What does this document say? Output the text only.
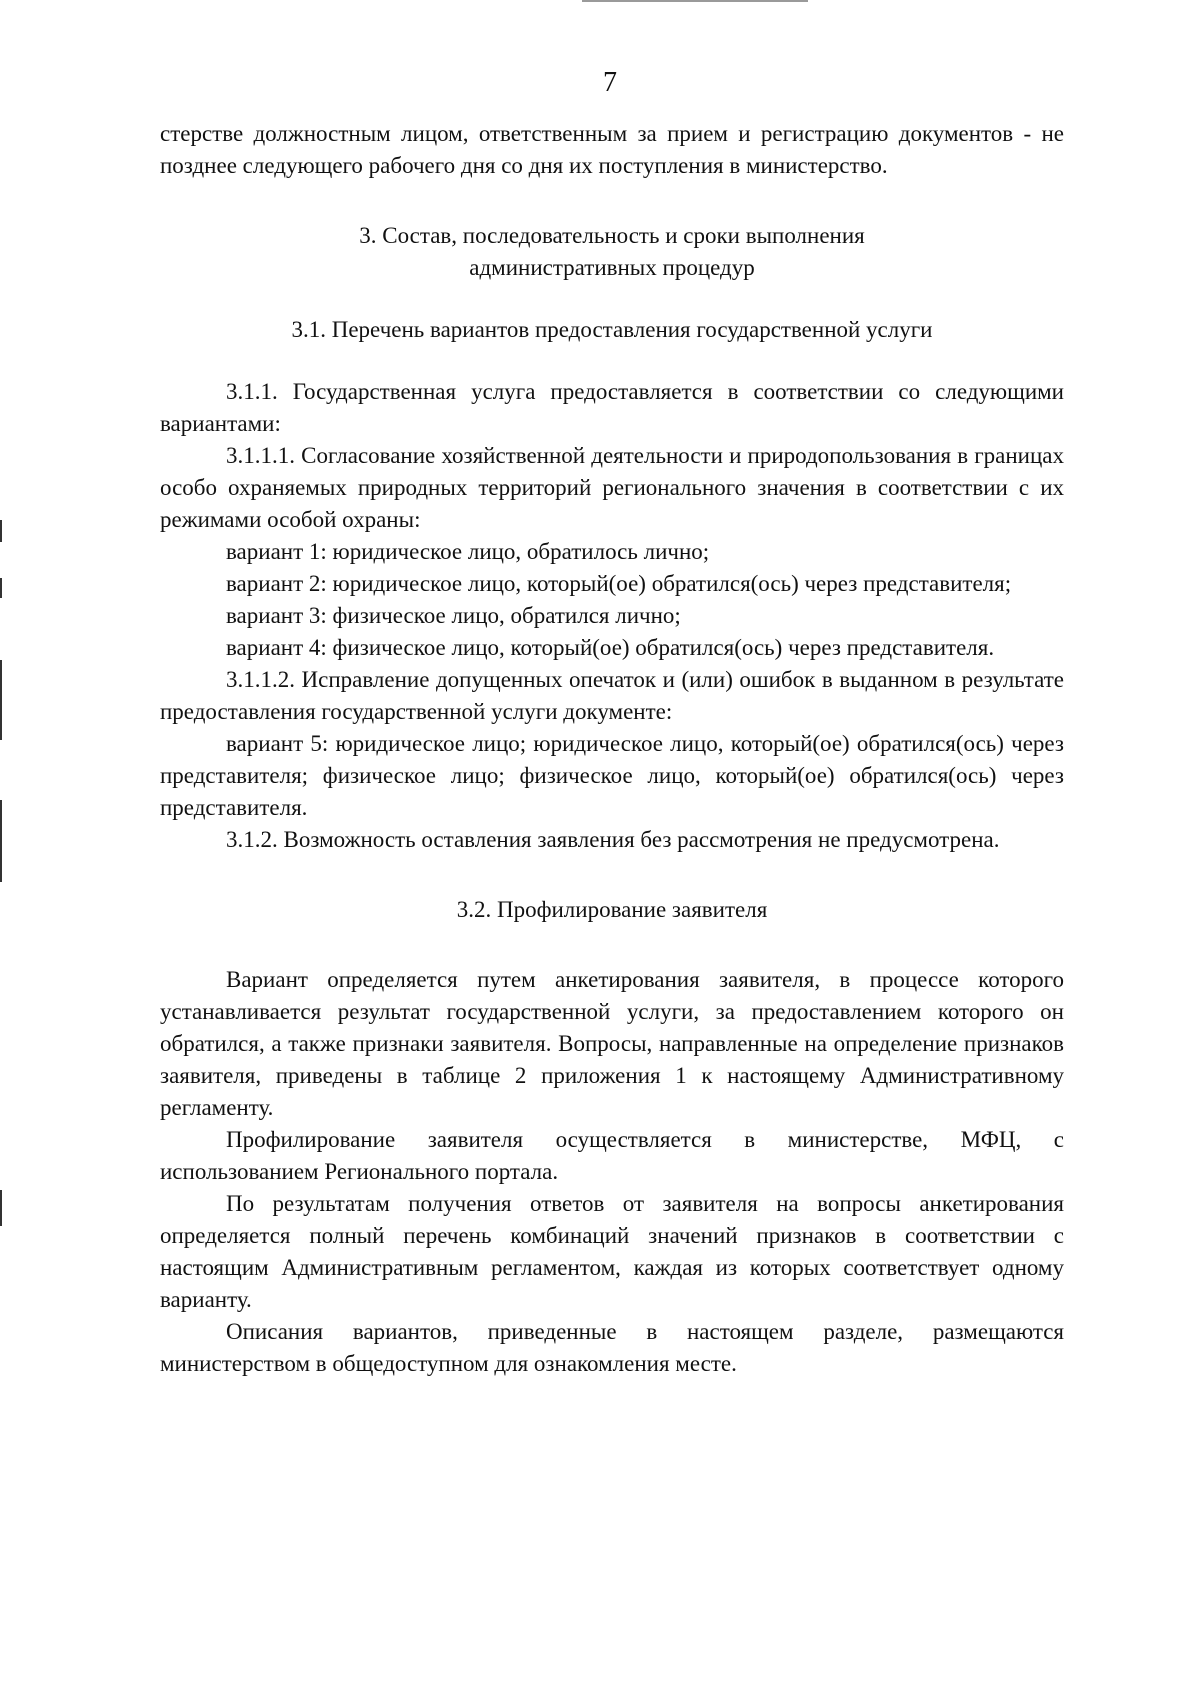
7

стерстве должностным лицом, ответственным за прием и регистрацию документов - не позднее следующего рабочего дня со дня их поступления в министерство.

3. Состав, последовательность и сроки выполнения
административных процедур

3.1. Перечень вариантов предоставления государственной услуги

3.1.1. Государственная услуга предоставляется в соответствии со следующими вариантами:

3.1.1.1. Согласование хозяйственной деятельности и природопользования в границах особо охраняемых природных территорий регионального значения в соответствии с их режимами особой охраны:

вариант 1: юридическое лицо, обратилось лично;

вариант 2: юридическое лицо, который(ое) обратился(ось) через представителя;

вариант 3: физическое лицо, обратился лично;

вариант 4: физическое лицо, который(ое) обратился(ось) через представителя.

3.1.1.2. Исправление допущенных опечаток и (или) ошибок в выданном в результате предоставления государственной услуги документе:

вариант 5: юридическое лицо; юридическое лицо, который(ое) обратился(ось) через представителя; физическое лицо; физическое лицо, который(ое) обратился(ось) через представителя.

3.1.2. Возможность оставления заявления без рассмотрения не предусмотрена.

3.2. Профилирование заявителя

Вариант определяется путем анкетирования заявителя, в процессе которого устанавливается результат государственной услуги, за предоставлением которого он обратился, а также признаки заявителя. Вопросы, направленные на определение признаков заявителя, приведены в таблице 2 приложения 1 к настоящему Административному регламенту.

Профилирование заявителя осуществляется в министерстве, МФЦ, с использованием Регионального портала.

По результатам получения ответов от заявителя на вопросы анкетирования определяется полный перечень комбинаций значений признаков в соответствии с настоящим Административным регламентом, каждая из которых соответствует одному варианту.

Описания вариантов, приведенные в настоящем разделе, размещаются министерством в общедоступном для ознакомления месте.
